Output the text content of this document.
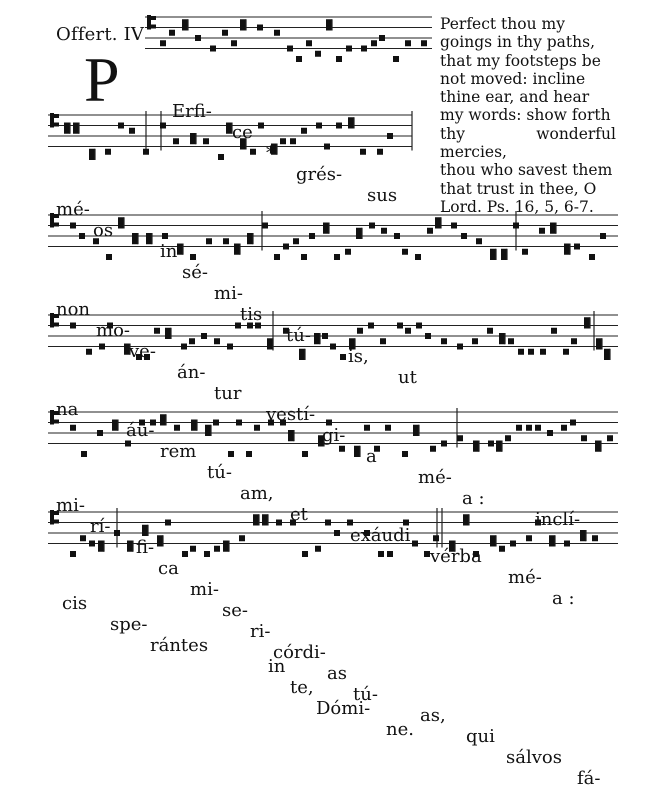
Offert. IV
P
Perfect thou my
goings in thy paths,
that my footsteps be
not moved: incline
thine ear, and hear
my words: show forth
thy wonderful mercies,
thou who savest them
that trust in thee, O
Lord. Ps. 16, 5, 6-7.

Erfi-

ce

*

grés-

sus

mé-

os

in

sé-

mi-

tis

tú-

is,

ut

non

mo-

ve-

án-

tur

vestí-

gi-

a

mé-

a :

inclí-

na

áu-

rem

tú-

am,

et

exáudi

vérba

mé-

a :

mi-

rí-

fi-

ca

mi-

se-

ri-

córdi-

as

tú-

as,

qui

sálvos

fá-

cis

spe-

rántes

in

te,

Dómi-

ne.
